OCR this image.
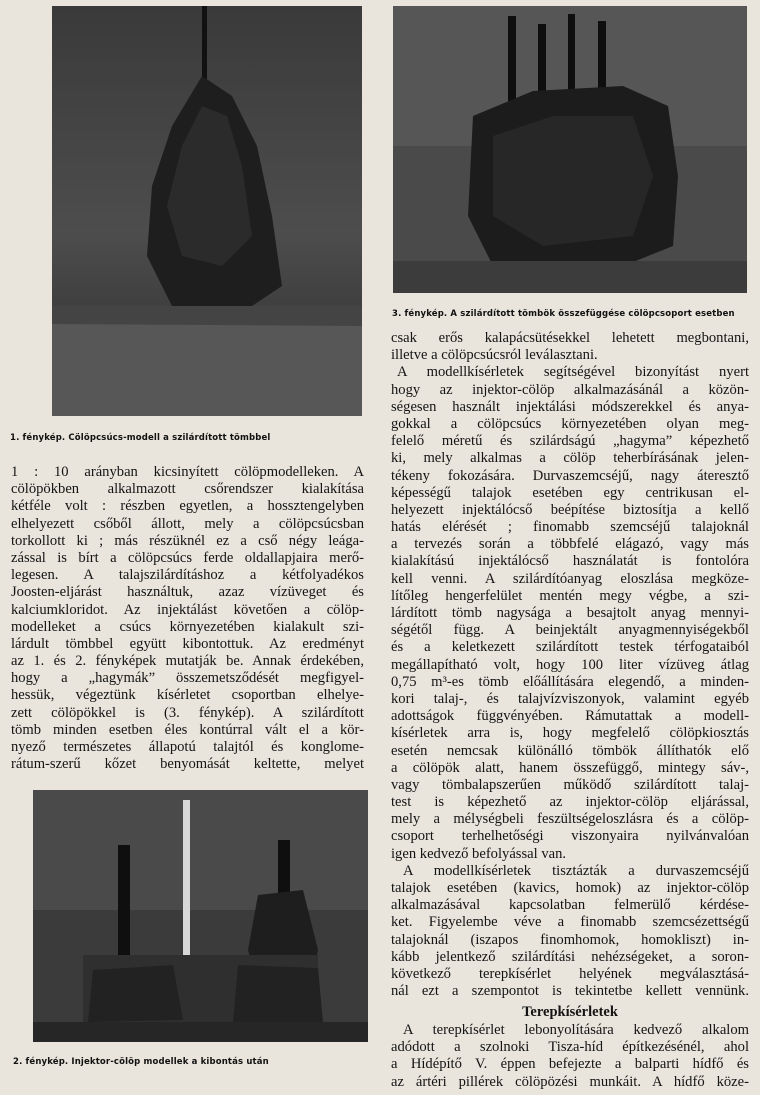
1. fénykép. Cölöpcsúcs-modell a szilárdított tömbbel
3. fénykép. A szilárdított tömbök összefüggése cölöpcsoport esetben
2. fénykép. Injektor-cölöp modellek a kibontás után
1 : 10 arányban kicsinyített cölöpmodelleken. A
cölöpökben alkalmazott csőrendszer kialakítása
kétféle volt : részben egyetlen, a hossztengelyben
elhelyezett csőből állott, mely a cölöpcsúcsban
torkollott ki ; más részüknél ez a cső négy leága-
zással is bírt a cölöpcsúcs ferde oldallapjaira merő-
legesen. A talajszilárdításhoz a kétfolyadékos
Joosten-eljárást használtuk, azaz vízüveget és
kalciumkloridot. Az injektálást követően a cölöp-
modelleket a csúcs környezetében kialakult szi-
lárdult tömbbel együtt kibontottuk. Az eredményt
az 1. és 2. fényképek mutatják be. Annak érdekében,
hogy a „hagymák” összemetsződését megfigyel-
hessük, végeztünk kísérletet csoportban elhelye-
zett cölöpökkel is (3. fénykép). A szilárdított
tömb minden esetben éles kontúrral vált el a kör-
nyező természetes állapotú talajtól és konglome-
rátum-szerű kőzet benyomását keltette, melyet
csak erős kalapácsütésekkel lehetett megbontani,
illetve a cölöpcsúcsról leválasztani.
A modellkísérletek segítségével bizonyítást nyert
hogy az injektor-cölöp alkalmazásánál a közön-
ségesen használt injektálási módszerekkel és anya-
gokkal a cölöpcsúcs környezetében olyan meg-
felelő méretű és szilárdságú „hagyma” képezhető
ki, mely alkalmas a cölöp teherbírásának jelen-
tékeny fokozására. Durvaszemcséjű, nagy áteresztő
képességű talajok esetében egy centrikusan el-
helyezett injektálócső beépítése biztosítja a kellő
hatás elérését ; finomabb szemcséjű talajoknál
a tervezés során a többfelé elágazó, vagy más
kialakítású injektálócső használatát is fontolóra
kell venni. A szilárdítóanyag eloszlása megköze-
lítőleg hengerfelület mentén megy végbe, a szi-
lárdított tömb nagysága a besajtolt anyag mennyi-
ségétől függ. A beinjektált anyagmennyiségekből
és a keletkezett szilárdított testek térfogataiból
megállapítható volt, hogy 100 liter vízüveg átlag
0,75 m³-es tömb előállítására elegendő, a minden-
kori talaj-, és talajvízviszonyok, valamint egyéb
adottságok függvényében. Rámutattak a modell-
kísérletek arra is, hogy megfelelő cölöpkiosztás
esetén nemcsak különálló tömbök állíthatók elő
a cölöpök alatt, hanem összefüggő, mintegy sáv-,
vagy tömbalapszerűen működő szilárdított talaj-
test is képezhető az injektor-cölöp eljárással,
mely a mélységbeli feszültségeloszlásra és a cölöp-
csoport terhelhetőségi viszonyaira nyilvánvalóan
igen kedvező befolyással van.
A modellkísérletek tisztázták a durvaszemcséjű
talajok esetében (kavics, homok) az injektor-cölöp
alkalmazásával kapcsolatban felmerülő kérdése-
ket. Figyelembe véve a finomabb szemcsézettségű
talajoknál (iszapos finomhomok, homokliszt) in-
kább jelentkező szilárdítási nehézségeket, a soron-
következő terepkísérlet helyének megválasztásá-
nál ezt a szempontot is tekintetbe kellett vennünk.
Terepkísérletek
A terepkísérlet lebonyolítására kedvező alkalom
adódott a szolnoki Tisza-híd építkezésénél, ahol
a Hídépítő V. éppen befejezte a balparti hídfő és
az ártéri pillérek cölöpözési munkáit. A hídfő köze-
